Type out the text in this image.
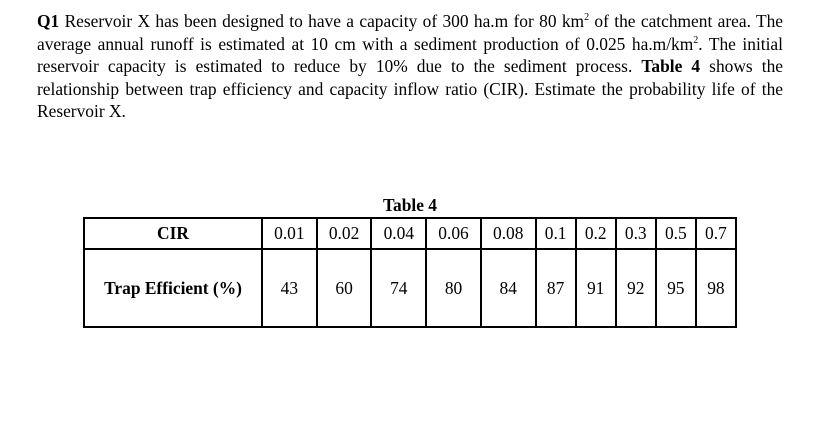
Q1 Reservoir X has been designed to have a capacity of 300 ha.m for 80 $km^2$ of the catchment area. The average annual runoff is estimated at 10 cm with a sediment production of 0.025 $ha.m/km^2$. The initial reservoir capacity is estimated to reduce by 10% due to the sediment process. Table 4 shows the relationship between trap efficiency and capacity inflow ratio (CIR). Estimate the probability life of the Reservoir X.

Table 4
CIR	0.01	0.02	0.04	0.06	0.08	0.1	0.2	0.3	0.5	0.7
Trap Efficient (%)	43	60	74	80	84	87	91	92	95	98
